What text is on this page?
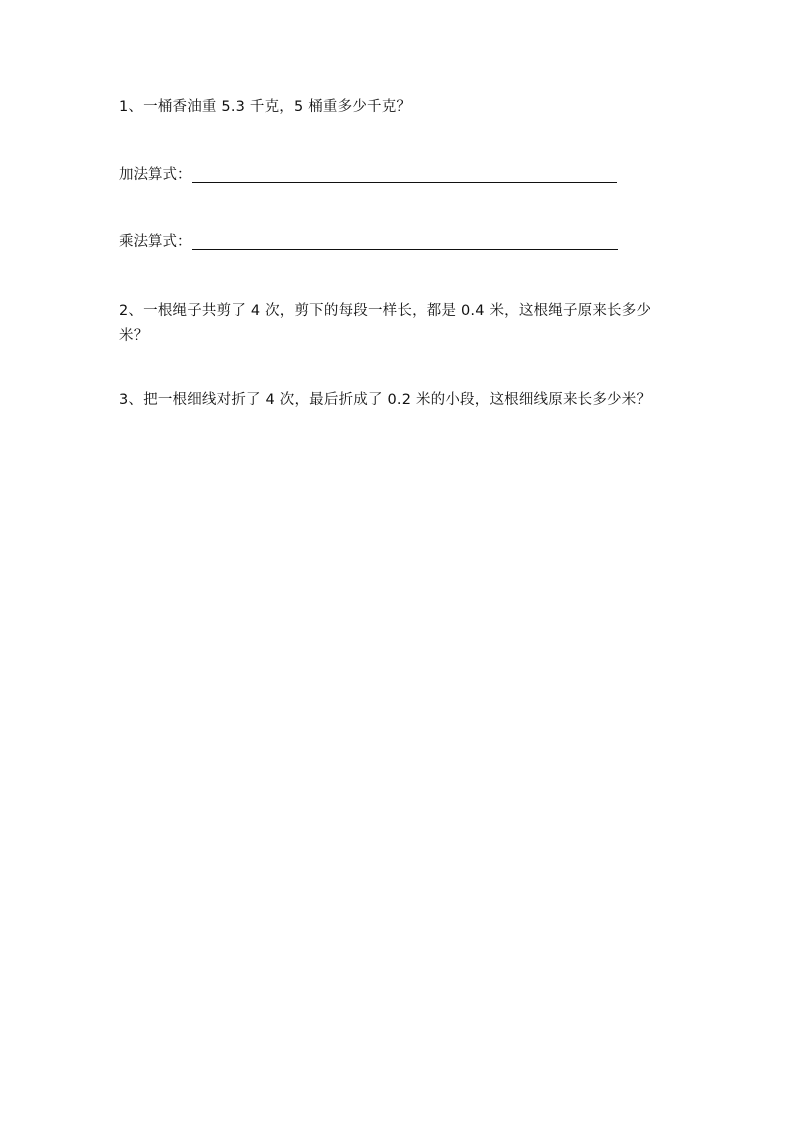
1、一桶香油重 5.3 千克，5 桶重多少千克？
加法算式：
乘法算式：
2、一根绳子共剪了 4 次，剪下的每段一样长，都是 0.4 米，这根绳子原来长多少米？
3、把一根细线对折了 4 次，最后折成了 0.2 米的小段，这根细线原来长多少米？
